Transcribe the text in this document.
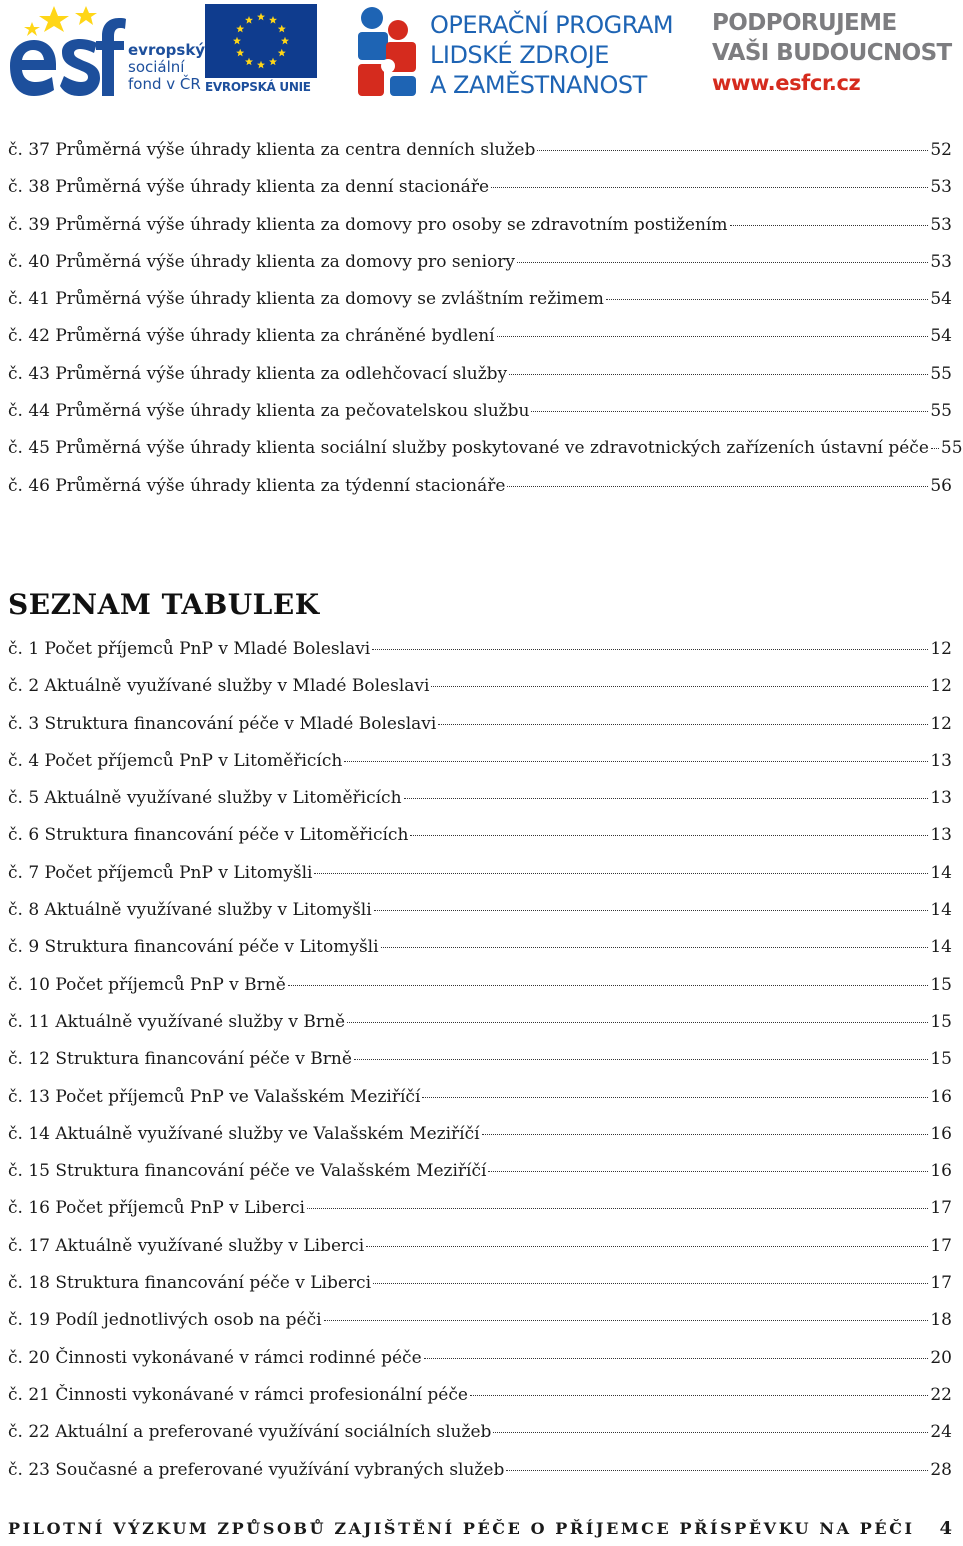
evropský
sociální
fond v ČR EVROPSKÁ UNIE
OPERAČNÍ PROGRAM
LIDSKÉ ZDROJE
A ZAMĚSTNANOST
PODPORUJEME
VAŠI BUDOUCNOST
www.esfcr.cz
č. 37 Průměrná výše úhrady klienta za centra denních služeb	52
č. 38 Průměrná výše úhrady klienta za denní stacionáře	53
č. 39 Průměrná výše úhrady klienta za domovy pro osoby se zdravotním postižením	53
č. 40 Průměrná výše úhrady klienta za domovy pro seniory	53
č. 41 Průměrná výše úhrady klienta za domovy se zvláštním režimem	54
č. 42 Průměrná výše úhrady klienta za chráněné bydlení	54
č. 43 Průměrná výše úhrady klienta za odlehčovací služby	55
č. 44 Průměrná výše úhrady klienta za pečovatelskou službu	55
č. 45 Průměrná výše úhrady klienta sociální služby poskytované ve zdravotnických zařízeních ústavní péče 55
č. 46 Průměrná výše úhrady klienta za týdenní stacionáře	56
SEZNAM TABULEK
č. 1 Počet příjemců PnP v Mladé Boleslavi	12
č. 2 Aktuálně využívané služby v Mladé Boleslavi	12
č. 3 Struktura financování péče v Mladé Boleslavi	12
č. 4 Počet příjemců PnP v Litoměřicích	13
č. 5 Aktuálně využívané služby v Litoměřicích	13
č. 6 Struktura financování péče v Litoměřicích	13
č. 7 Počet příjemců PnP v Litomyšli	14
č. 8 Aktuálně využívané služby v Litomyšli	14
č. 9 Struktura financování péče v Litomyšli	14
č. 10 Počet příjemců PnP v Brně	15
č. 11 Aktuálně využívané služby v Brně	15
č. 12 Struktura financování péče v Brně	15
č. 13 Počet příjemců PnP ve Valašském Meziříčí	16
č. 14 Aktuálně využívané služby ve Valašském Meziříčí	16
č. 15 Struktura financování péče ve Valašském Meziříčí	16
č. 16 Počet příjemců PnP v Liberci	17
č. 17 Aktuálně využívané služby v Liberci	17
č. 18 Struktura financování péče v Liberci	17
č. 19 Podíl jednotlivých osob na péči	18
č. 20 Činnosti vykonávané v rámci rodinné péče	20
č. 21 Činnosti vykonávané v rámci profesionální péče	22
č. 22 Aktuální a preferované využívání sociálních služeb	24
č. 23 Současné a preferované využívání vybraných služeb	28
PILOTNÍ VÝZKUM ZPŮSOBŮ ZAJIŠTĚNÍ PÉČE O PŘÍJEMCE PŘÍSPĚVKU NA PÉČI 4
